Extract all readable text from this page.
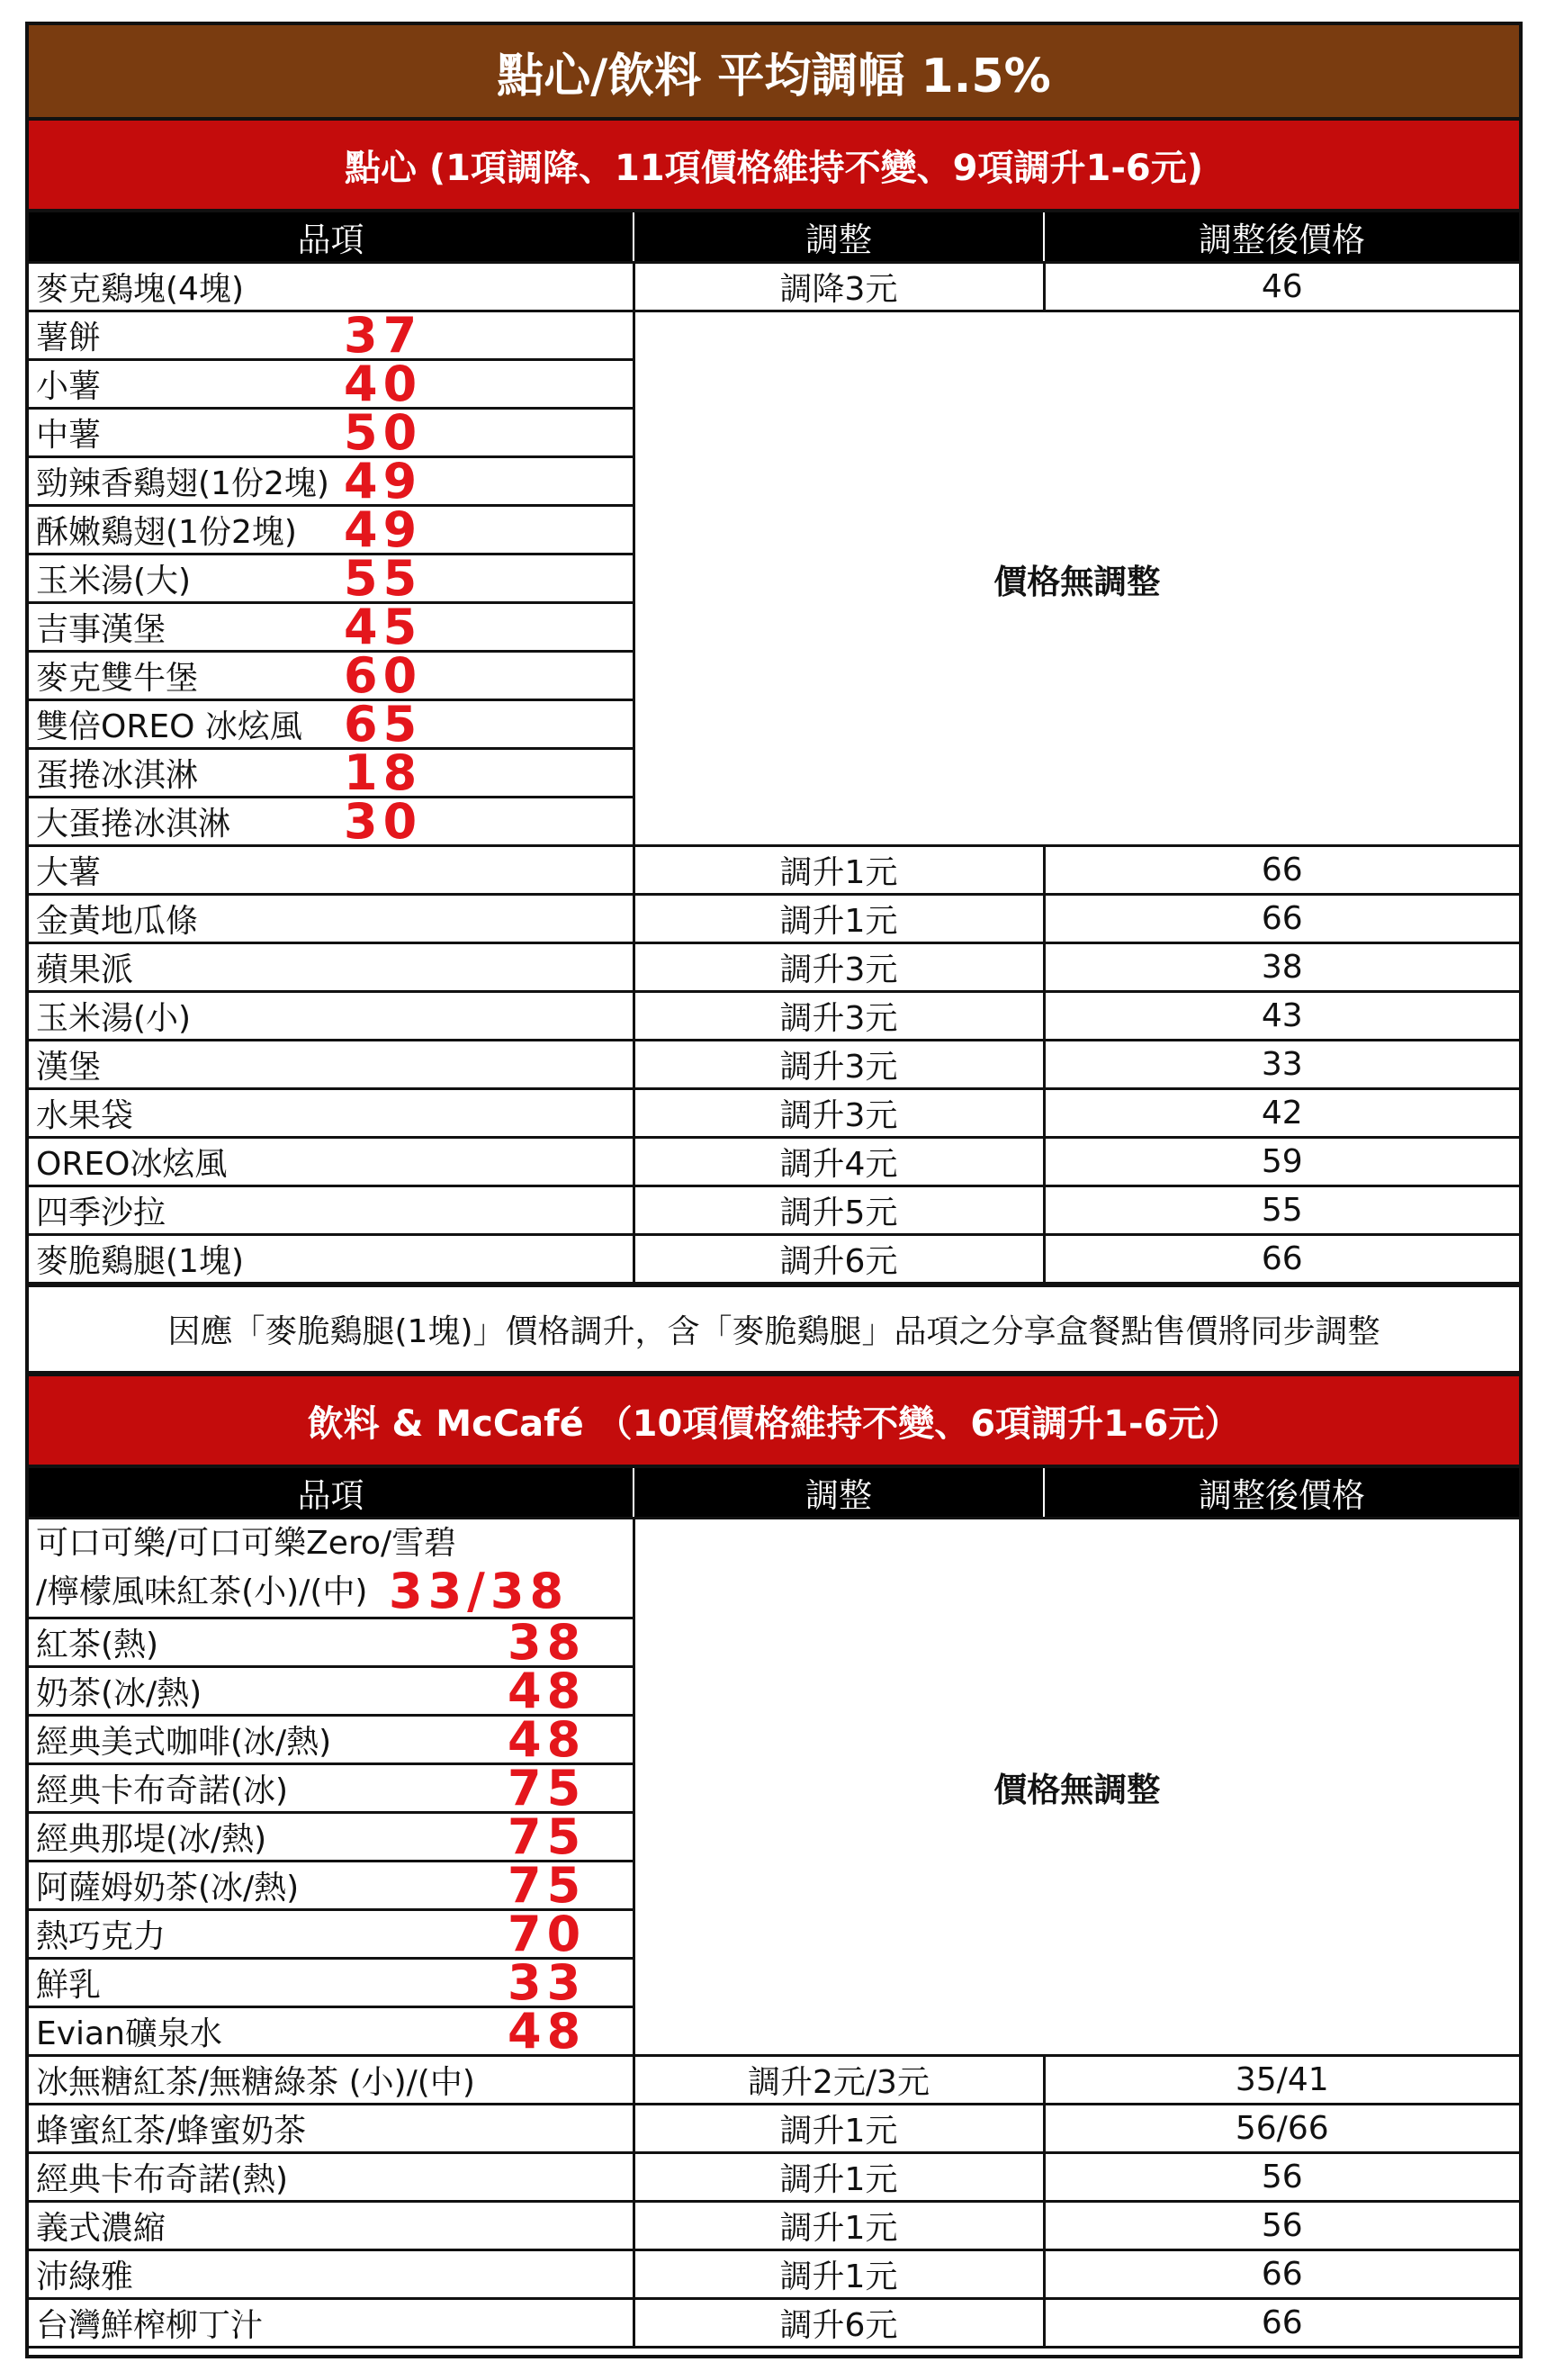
點心/飲料 平均調幅 1.5%
點心 (1項調降、11項價格維持不變、9項調升1-6元)
品項	調整	調整後價格
麥克鷄塊(4塊)	調降3元	46
薯餅 37	價格無調整	
小薯 40		

中薯 50		

勁辣香鷄翅(1份2塊) 49		

酥嫩鷄翅(1份2塊) 49		

玉米湯(大) 55		

吉事漢堡 45		

麥克雙牛堡 60		

雙倍OREO 冰炫風 65		

蛋捲冰淇淋 18		

大蛋捲冰淇淋 30		

大薯	調升1元	66
金黃地瓜條	調升1元	66
蘋果派	調升3元	38
玉米湯(小)	調升3元	43
漢堡	調升3元	33
水果袋	調升3元	42
OREO冰炫風	調升4元	59
四季沙拉	調升5元	55
麥脆鷄腿(1塊)	調升6元	66
因應「麥脆鷄腿(1塊)」價格調升，含「麥脆鷄腿」品項之分享盒餐點售價將同步調整
飲料 & McCafé （10項價格維持不變、6項調升1-6元）
品項	調整	調整後價格

可口可樂/可口可樂Zero/雪碧
/檸檬風味紅茶(小)/(中) 33/38	價格無調整	
紅茶(熱) 38		

奶茶(冰/熱) 48		

經典美式咖啡(冰/熱) 48		

經典卡布奇諾(冰) 75		

經典那堤(冰/熱) 75		

阿薩姆奶茶(冰/熱) 75		

熱巧克力 70		

鮮乳 33		

Evian礦泉水 48		

冰無糖紅茶/無糖綠茶 (小)/(中)	調升2元/3元	35/41
蜂蜜紅茶/蜂蜜奶茶	調升1元	56/66
經典卡布奇諾(熱)	調升1元	56
義式濃縮	調升1元	56
沛綠雅	調升1元	66
台灣鮮榨柳丁汁	調升6元	66
